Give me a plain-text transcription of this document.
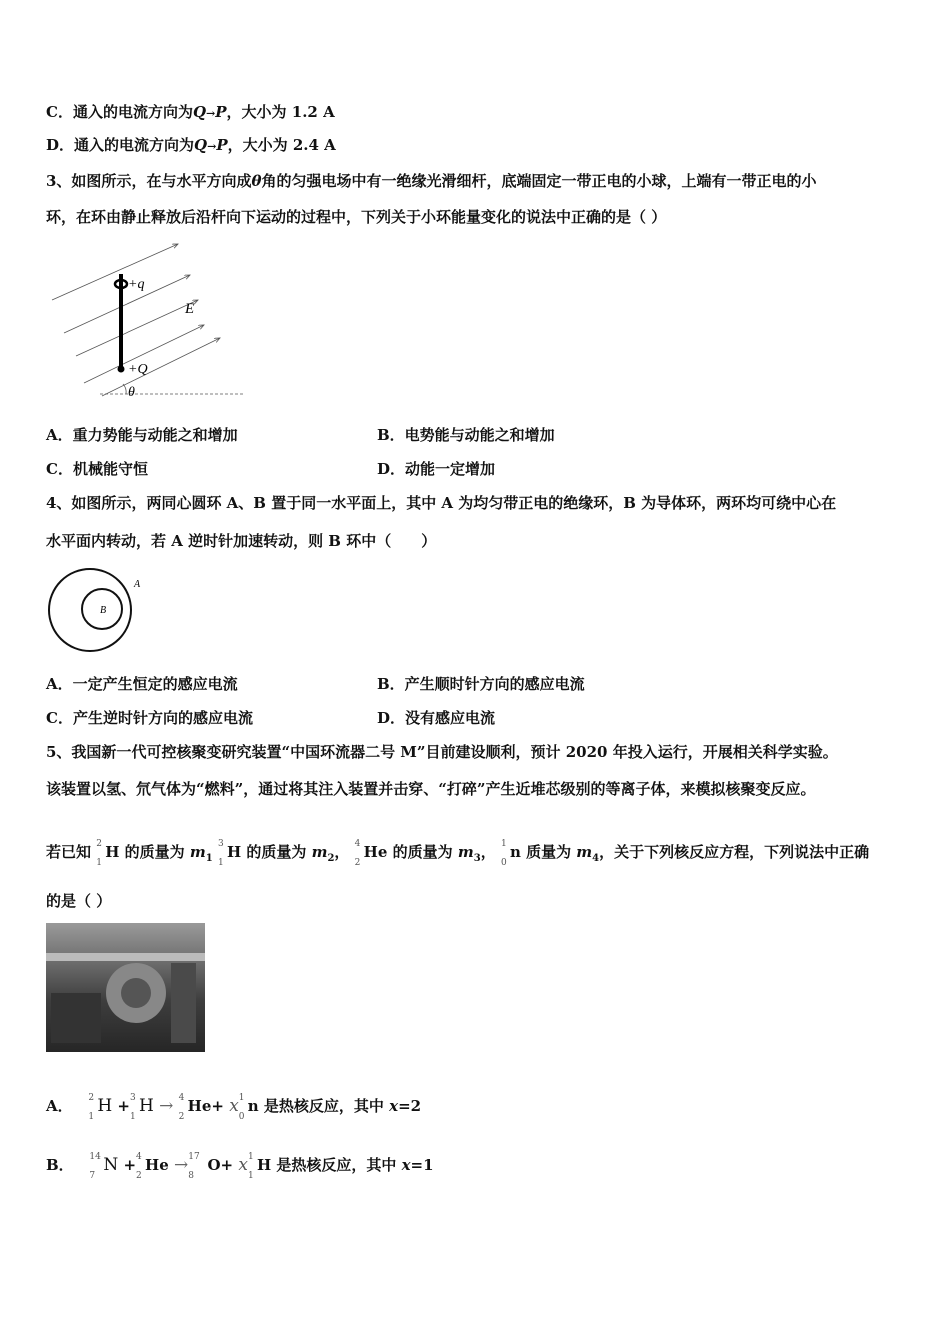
C．通入的电流方向为Q→P，大小为 1.2 A
D．通入的电流方向为Q→P，大小为 2.4 A
3、如图所示，在与水平方向成θ角的匀强电场中有一绝缘光滑细杆，底端固定一带正电的小球，上端有一带正电的小
环，在环由静止释放后沿杆向下运动的过程中，下列关于小环能量变化的说法中正确的是（ ）
+q
+Q
E
θ
A．重力势能与动能之和增加	B．电势能与动能之和增加
C．机械能守恒	D．动能一定增加
4、如图所示，两同心圆环 A、B 置于同一水平面上，其中 A 为均匀带正电的绝缘环，B 为导体环，两环均可绕中心在
水平面内转动，若 A 逆时针加速转动，则 B 环中（　　）
A
B
A．一定产生恒定的感应电流	B．产生顺时针方向的感应电流
C．产生逆时针方向的感应电流	D．没有感应电流
5、我国新一代可控核聚变研究装置“中国环流器二号 M”目前建设顺利，预计 2020 年投入运行，开展相关科学实验。
该装置以氢、氘气体为“燃料”，通过将其注入装置并击穿、“打碎”产生近堆芯级别的等离子体，来模拟核聚变反应。
若已知 2
1
H 的质量为 $m_1$
3
1
H 的质量为 $m_2$， 4
2
He 的质量为 $m_3$， 1
0
n 质量为 $m_4$，关于下列核反应方程，下列说法中正确
的是（ ）
A． 2
1
H + 3
1
H → 4
2
He+ x 1
0
n 是热核反应，其中 x=2
B． 14
7
N + 4
2
He → 17
8
O+ x 1
1
H 是热核反应，其中 x=1
